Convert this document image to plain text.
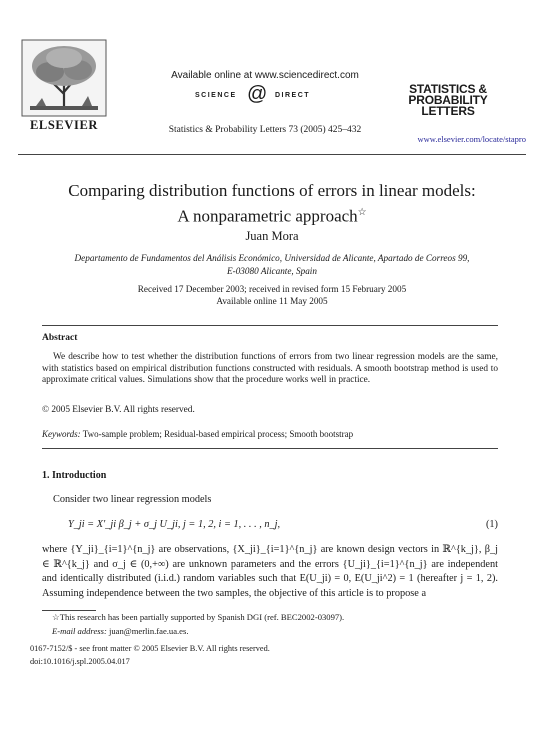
ELSEVIER
Available online at www.sciencedirect.com
SCIENCE @ DIRECT
Statistics & Probability Letters 73 (2005) 425–432
STATISTICS &
PROBABILITY
LETTERS
www.elsevier.com/locate/stapro
Comparing distribution functions of errors in linear models:
A nonparametric approach☆
Juan Mora
Departamento de Fundamentos del Análisis Económico, Universidad de Alicante, Apartado de Correos 99,
E-03080 Alicante, Spain
Received 17 December 2003; received in revised form 15 February 2005
Available online 11 May 2005
Abstract
We describe how to test whether the distribution functions of errors from two linear regression models are the same, with statistics based on empirical distribution functions constructed with residuals. A smooth bootstrap method is used to approximate critical values. Simulations show that the procedure works well in practice.
© 2005 Elsevier B.V. All rights reserved.
Keywords: Two-sample problem; Residual-based empirical process; Smooth bootstrap
1. Introduction
Consider two linear regression models
Y_ji = X'_ji β_j + σ_j U_ji, j = 1, 2, i = 1, . . . , n_j,	(1)
where {Y_ji}_{i=1}^{n_j} are observations, {X_ji}_{i=1}^{n_j} are known design vectors in ℝ^{k_j}, β_j ∈ ℝ^{k_j} and σ_j ∈ (0,+∞) are unknown parameters and the errors {U_ji}_{i=1}^{n_j} are independent and identically distributed (i.i.d.) random variables such that E(U_ji) = 0, E(U_ji^2) = 1 (hereafter j = 1, 2). Assuming independence between the two samples, the objective of this article is to propose a
☆This research has been partially supported by Spanish DGI (ref. BEC2002-03097).
E-mail address: juan@merlin.fae.ua.es.
0167-7152/$ - see front matter © 2005 Elsevier B.V. All rights reserved.
doi:10.1016/j.spl.2005.04.017
